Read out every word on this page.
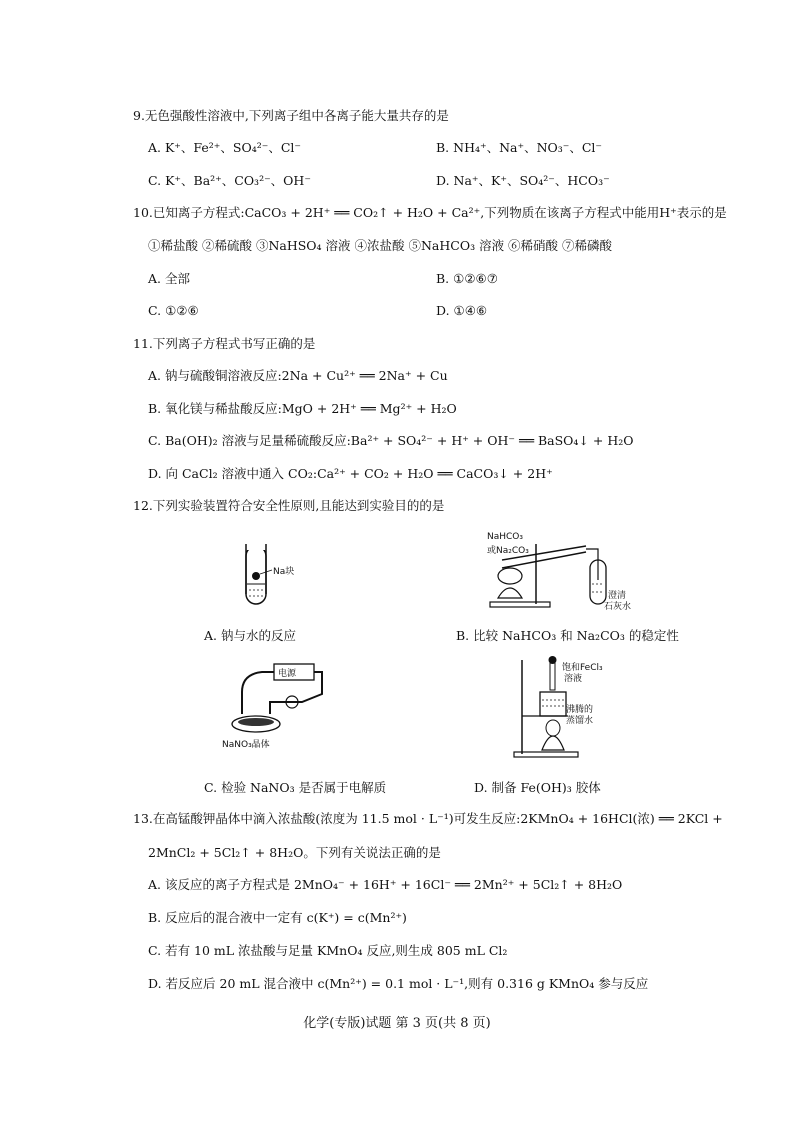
9.无色强酸性溶液中,下列离子组中各离子能大量共存的是
A. K⁺、Fe²⁺、SO₄²⁻、Cl⁻	B. NH₄⁺、Na⁺、NO₃⁻、Cl⁻
C. K⁺、Ba²⁺、CO₃²⁻、OH⁻	D. Na⁺、K⁺、SO₄²⁻、HCO₃⁻
10.已知离子方程式:CaCO₃ + 2H⁺ ══ CO₂↑ + H₂O + Ca²⁺,下列物质在该离子方程式中能用H⁺表示的是
①稀盐酸 ②稀硫酸 ③NaHSO₄ 溶液 ④浓盐酸 ⑤NaHCO₃ 溶液 ⑥稀硝酸 ⑦稀磷酸
A. 全部	B. ①②⑥⑦
C. ①②⑥	D. ①④⑥
11.下列离子方程式书写正确的是
A. 钠与硫酸铜溶液反应:2Na + Cu²⁺ ══ 2Na⁺ + Cu
B. 氧化镁与稀盐酸反应:MgO + 2H⁺ ══ Mg²⁺ + H₂O
C. Ba(OH)₂ 溶液与足量稀硫酸反应:Ba²⁺ + SO₄²⁻ + H⁺ + OH⁻ ══ BaSO₄↓ + H₂O
D. 向 CaCl₂ 溶液中通入 CO₂:Ca²⁺ + CO₂ + H₂O ══ CaCO₃↓ + 2H⁺
12.下列实验装置符合安全性原则,且能达到实验目的的是
Na块
A. 钠与水的反应
NaHCO₃
或Na₂CO₃
澄清
石灰水
B. 比较 NaHCO₃ 和 Na₂CO₃ 的稳定性
电源
NaNO₃晶体
C. 检验 NaNO₃ 是否属于电解质
饱和FeCl₃
溶液
沸腾的
蒸馏水
D. 制备 Fe(OH)₃ 胶体
13.在高锰酸钾晶体中滴入浓盐酸(浓度为 11.5 mol · L⁻¹)可发生反应:2KMnO₄ + 16HCl(浓) ══ 2KCl +
2MnCl₂ + 5Cl₂↑ + 8H₂O。下列有关说法正确的是
A. 该反应的离子方程式是 2MnO₄⁻ + 16H⁺ + 16Cl⁻ ══ 2Mn²⁺ + 5Cl₂↑ + 8H₂O
B. 反应后的混合液中一定有 c(K⁺) = c(Mn²⁺)
C. 若有 10 mL 浓盐酸与足量 KMnO₄ 反应,则生成 805 mL Cl₂
D. 若反应后 20 mL 混合液中 c(Mn²⁺) = 0.1 mol · L⁻¹,则有 0.316 g KMnO₄ 参与反应
化学(专版)试题 第 3 页(共 8 页)
